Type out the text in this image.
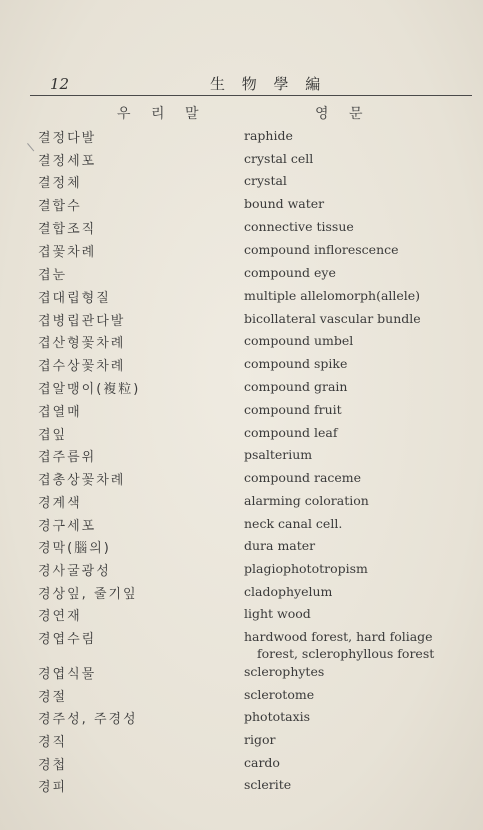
12	生 物 學 編
우 리 말	영 문
결정다발	raphide
결정세포	crystal cell
결정체	crystal
결합수	bound water
결합조직	connective tissue
겹꽃차례	compound inflorescence
겹눈	compound eye
겹대립형질	multiple allelomorph(allele)
겹병립관다발	bicollateral vascular bundle
겹산형꽃차례	compound umbel
겹수상꽃차례	compound spike
겹알맹이(複粒)	compound grain
겹열매	compound fruit
겹잎	compound leaf
겹주름위	psalterium
겹총상꽃차례	compound raceme
경계색	alarming coloration
경구세포	neck canal cell.
경막(腦의)	dura mater
경사굴광성	plagiophototropism
경상잎, 줄기잎	cladophyelum
경연재	light wood
경엽수림	hardwood forest, hard foliage
forest, sclerophyllous forest
경엽식물	sclerophytes
경절	sclerotome
경주성, 주경성	phototaxis
경직	rigor
경첩	cardo
경피	sclerite
